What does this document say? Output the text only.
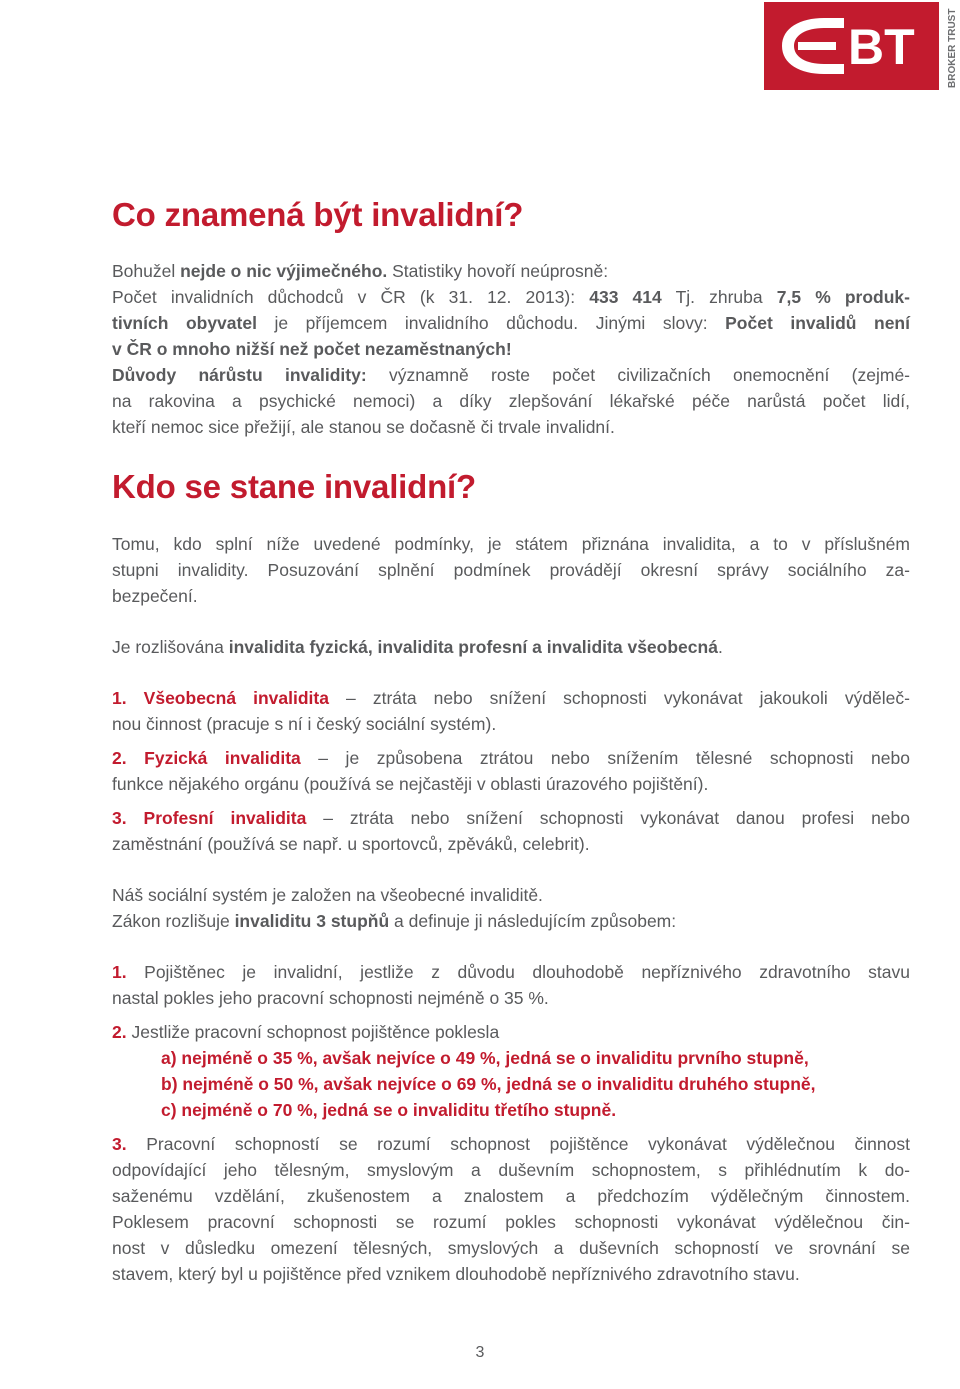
BT	BROKER TRUST
Co znamená být invalidní?

Bohužel nejde o nic výjimečného. Statistiky hovoří neúprosně:

Počet invalidních důchodců v ČR (k 31. 12. 2013): 433 414 Tj. zhruba 7,5 % produk-

tivních obyvatel je příjemcem invalidního důchodu. Jinými slovy: Počet invalidů není

v ČR o mnoho nižší než počet nezaměstnaných!

Důvody nárůstu invalidity: významně roste počet civilizačních onemocnění (zejmé-

na rakovina a psychické nemoci) a díky zlepšování lékařské péče narůstá počet lidí,

kteří nemoc sice přežijí, ale stanou se dočasně či trvale invalidní.

Kdo se stane invalidní?

Tomu, kdo splní níže uvedené podmínky, je státem přiznána invalidita, a to v příslušném

stupni invalidity. Posuzování splnění podmínek provádějí okresní správy sociálního za-

bezpečení.

Je rozlišována invalidita fyzická, invalidita profesní a invalidita všeobecná.

1. Všeobecná invalidita – ztráta nebo snížení schopnosti vykonávat jakoukoli výděleč-

nou činnost (pracuje s ní i český sociální systém).

2. Fyzická invalidita – je způsobena ztrátou nebo snížením tělesné schopnosti nebo

funkce nějakého orgánu (používá se nejčastěji v oblasti úrazového pojištění).

3. Profesní invalidita – ztráta nebo snížení schopnosti vykonávat danou profesi nebo

zaměstnání (používá se např. u sportovců, zpěváků, celebrit).

Náš sociální systém je založen na všeobecné invaliditě.

Zákon rozlišuje invaliditu 3 stupňů a definuje ji následujícím způsobem:

1. Pojištěnec je invalidní, jestliže z důvodu dlouhodobě nepříznivého zdravotního stavu

nastal pokles jeho pracovní schopnosti nejméně o 35 %.

2. Jestliže pracovní schopnost pojištěnce poklesla

a) nejméně o 35 %, avšak nejvíce o 49 %, jedná se o invaliditu prvního stupně,
b) nejméně o 50 %, avšak nejvíce o 69 %, jedná se o invaliditu druhého stupně,
c) nejméně o 70 %, jedná se o invaliditu třetího stupně.

3. Pracovní schopností se rozumí schopnost pojištěnce vykonávat výdělečnou činnost

odpovídající jeho tělesným, smyslovým a duševním schopnostem, s přihlédnutím k do-

saženému vzdělání, zkušenostem a znalostem a předchozím výdělečným činnostem.

Poklesem pracovní schopnosti se rozumí pokles schopnosti vykonávat výdělečnou čin-

nost v důsledku omezení tělesných, smyslových a duševních schopností ve srovnání se

stavem, který byl u pojištěnce před vznikem dlouhodobě nepříznivého zdravotního stavu.

3
